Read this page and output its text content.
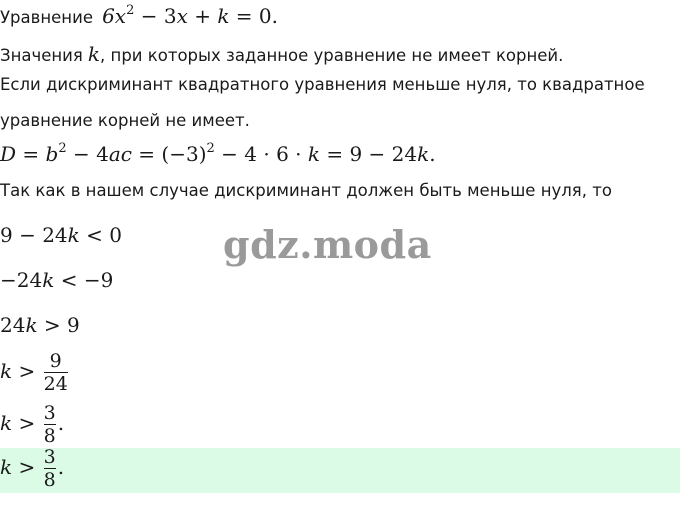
Уравнение $6x^2 - 3x + k = 0$.
Значения k, при которых заданное уравнение не имеет корней.
Если дискриминант квадратного уравнения меньше нуля, то квадратное
уравнение корней не имеет.
$D = b^2 - 4ac = (-3)^2 - 4 \cdot 6 \cdot k = 9 - 24k$.
Так как в нашем случае дискриминант должен быть меньше нуля, то
9 − 24k < 0
−24k < −9
24k > 9
$k > \frac{9}{24}$
$k > \frac{3}{8}$ .
$k > \frac{3}{8}$ .
gdz.moda
